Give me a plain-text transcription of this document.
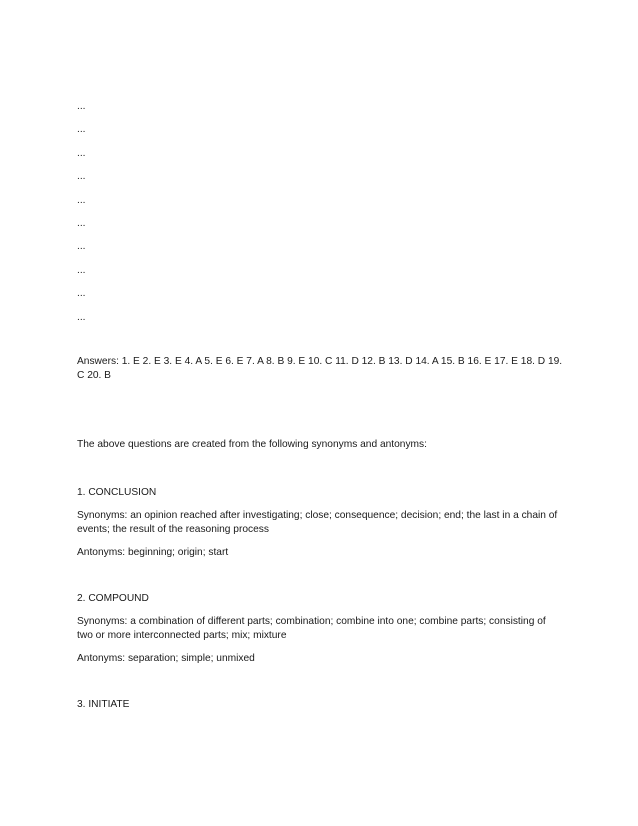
...
...
...
...
...
...
...
...
...
...

Answers: 1. E 2. E 3. E 4. A 5. E 6. E 7. A 8. B 9. E 10. C 11. D 12. B 13. D 14. A 15. B 16. E 17. E 18. D 19. C 20. B

The above questions are created from the following synonyms and antonyms:

1. CONCLUSION

Synonyms: an opinion reached after investigating; close; consequence; decision; end; the last in a chain of events; the result of the reasoning process

Antonyms: beginning; origin; start

2. COMPOUND

Synonyms: a combination of different parts; combination; combine into one; combine parts; consisting of two or more interconnected parts; mix; mixture

Antonyms: separation; simple; unmixed

3. INITIATE
